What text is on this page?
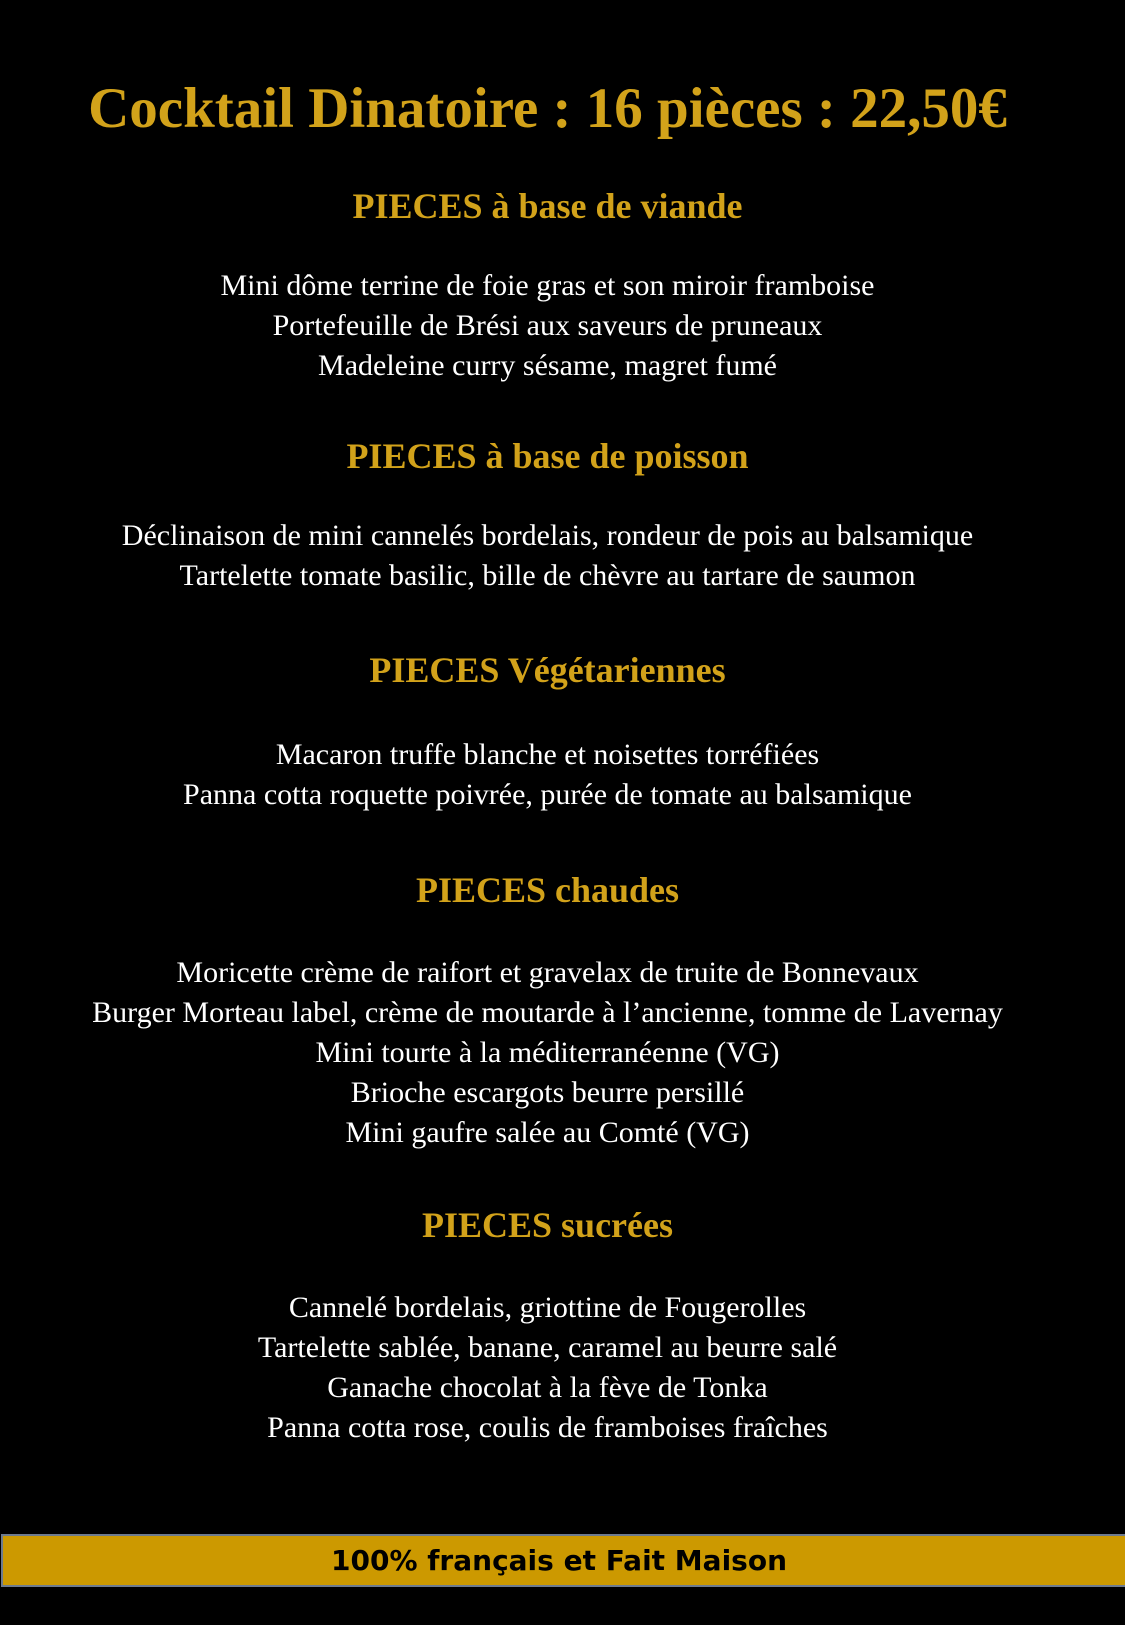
Cocktail Dinatoire : 16 pièces : 22,50€
PIECES à base de viande
Mini dôme terrine de foie gras et son miroir framboise
Portefeuille de Brési aux saveurs de pruneaux
Madeleine curry sésame, magret fumé
PIECES à base de poisson
Déclinaison de mini cannelés bordelais, rondeur de pois au balsamique
Tartelette tomate basilic, bille de chèvre au tartare de saumon
PIECES Végétariennes
Macaron truffe blanche et noisettes torréfiées
Panna cotta roquette poivrée, purée de tomate au balsamique
PIECES chaudes
Moricette crème de raifort et gravelax de truite de Bonnevaux
Burger Morteau label, crème de moutarde à l’ancienne, tomme de Lavernay
Mini tourte à la méditerranéenne (VG)
Brioche escargots beurre persillé
Mini gaufre salée au Comté (VG)
PIECES sucrées
Cannelé bordelais, griottine de Fougerolles
Tartelette sablée, banane, caramel au beurre salé
Ganache chocolat à la fève de Tonka
Panna cotta rose, coulis de framboises fraîches
100% français et Fait Maison
